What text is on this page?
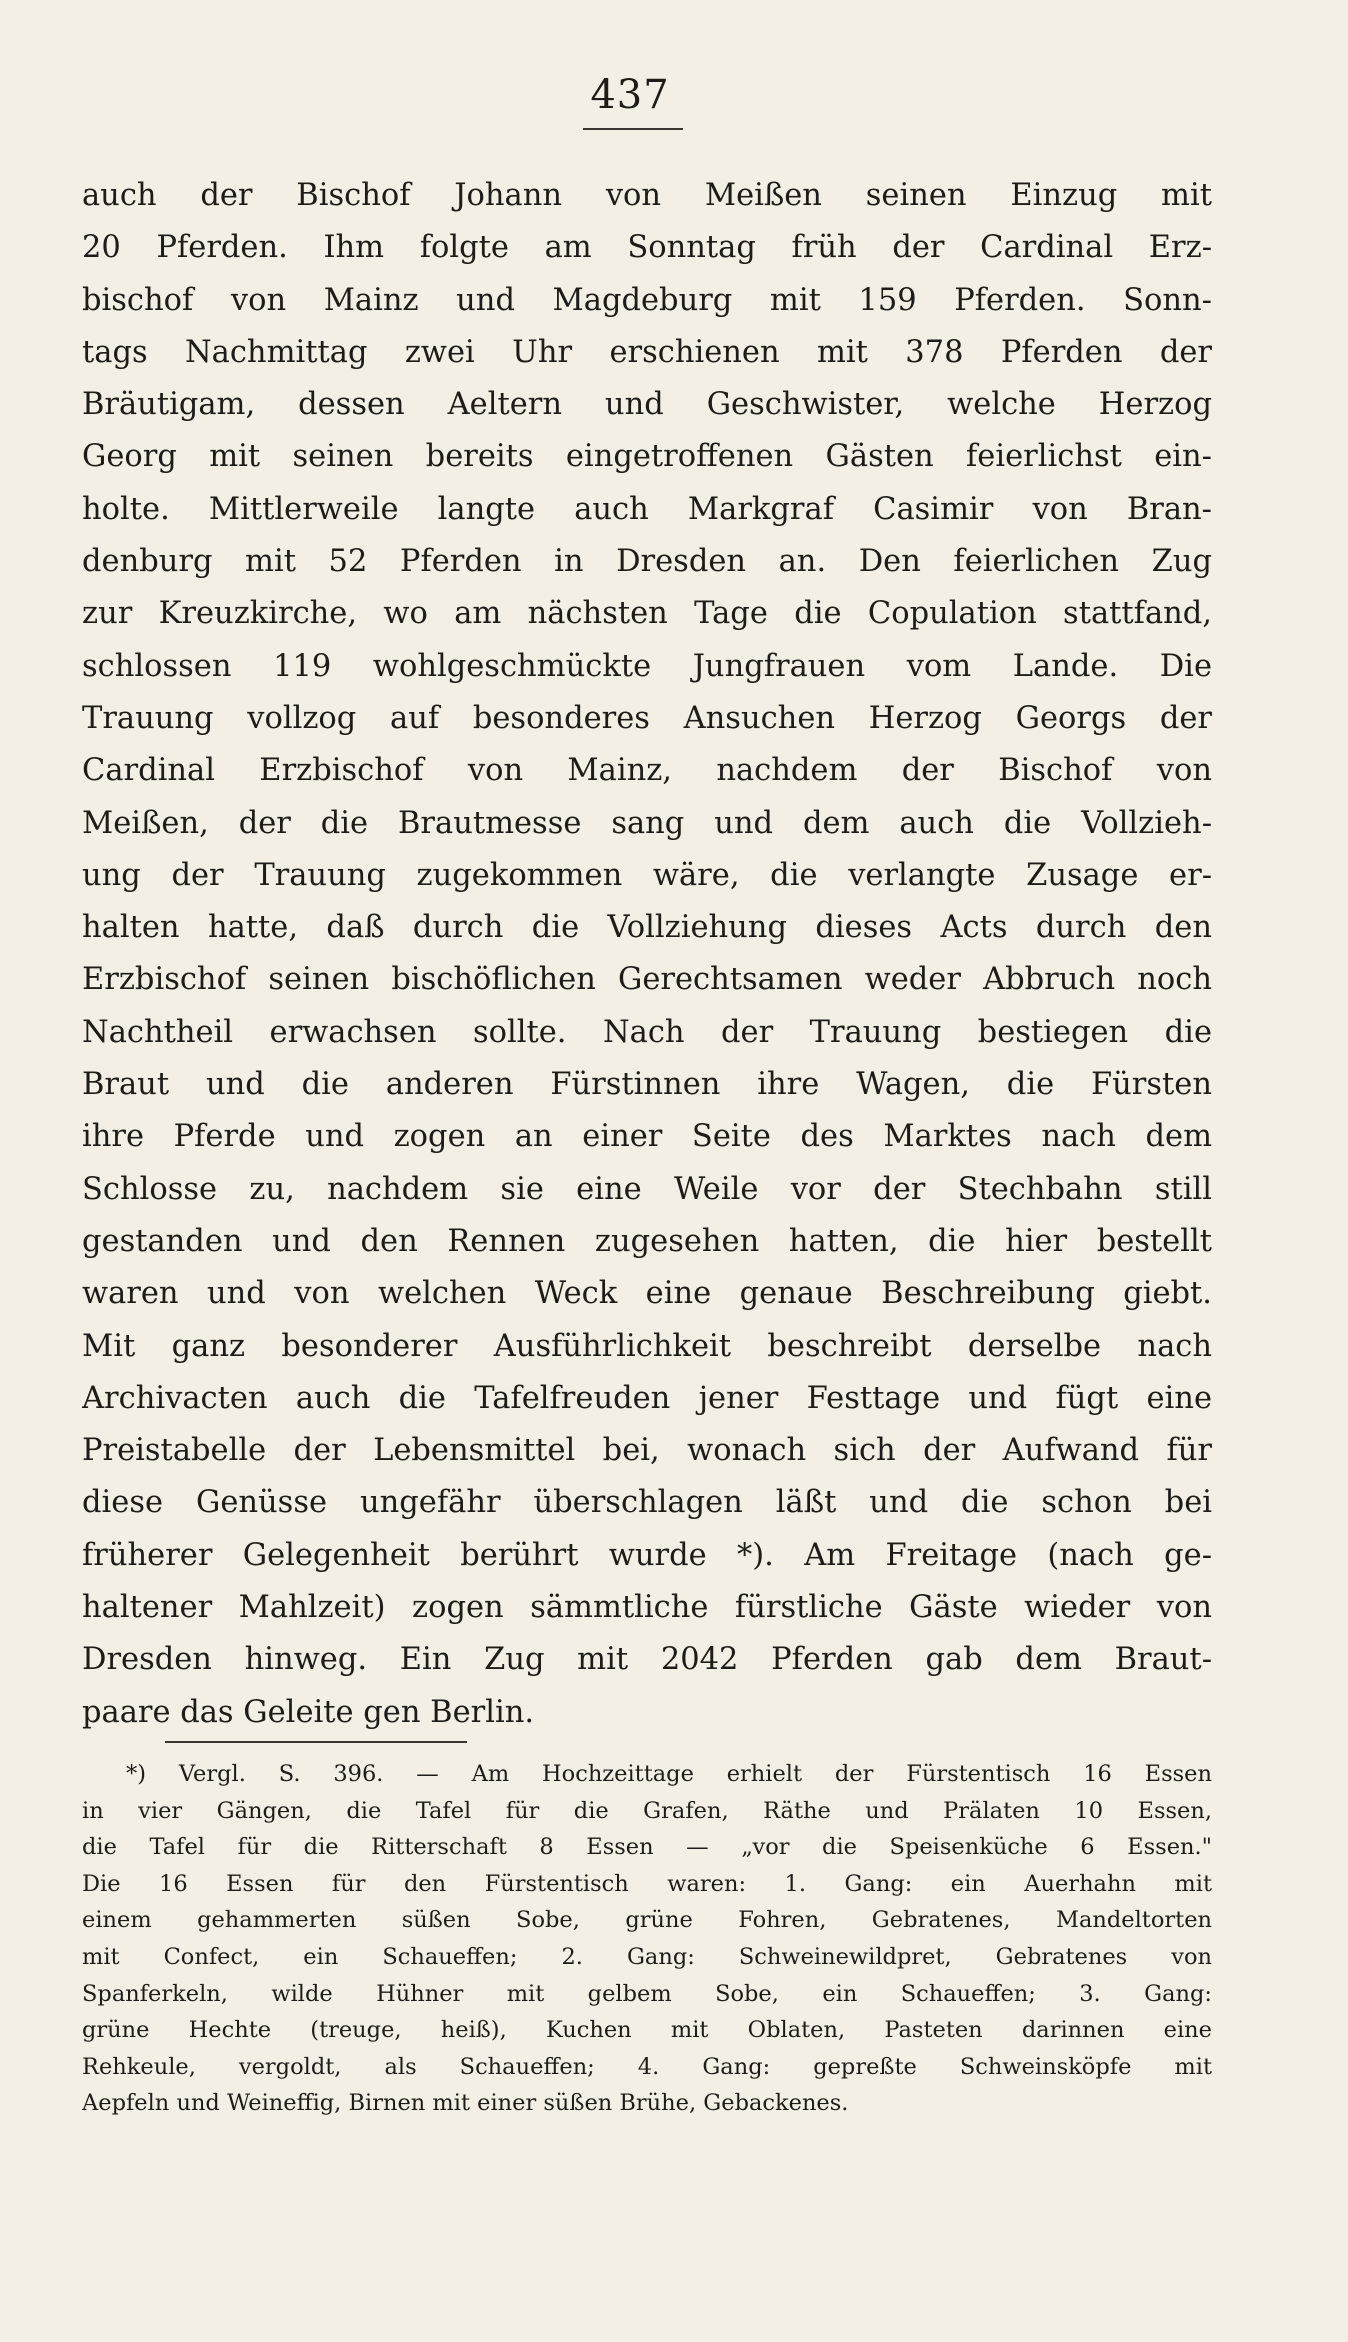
437
auch der Bischof Johann von Meißen seinen Einzug mit
20 Pferden. Ihm folgte am Sonntag früh der Cardinal Erz-
bischof von Mainz und Magdeburg mit 159 Pferden. Sonn-
tags Nachmittag zwei Uhr erschienen mit 378 Pferden der
Bräutigam, dessen Aeltern und Geschwister, welche Herzog
Georg mit seinen bereits eingetroffenen Gästen feierlichst ein-
holte. Mittlerweile langte auch Markgraf Casimir von Bran-
denburg mit 52 Pferden in Dresden an. Den feierlichen Zug
zur Kreuzkirche, wo am nächsten Tage die Copulation stattfand,
schlossen 119 wohlgeschmückte Jungfrauen vom Lande. Die
Trauung vollzog auf besonderes Ansuchen Herzog Georgs der
Cardinal Erzbischof von Mainz, nachdem der Bischof von
Meißen, der die Brautmesse sang und dem auch die Vollzieh-
ung der Trauung zugekommen wäre, die verlangte Zusage er-
halten hatte, daß durch die Vollziehung dieses Acts durch den
Erzbischof seinen bischöflichen Gerechtsamen weder Abbruch noch
Nachtheil erwachsen sollte. Nach der Trauung bestiegen die
Braut und die anderen Fürstinnen ihre Wagen, die Fürsten
ihre Pferde und zogen an einer Seite des Marktes nach dem
Schlosse zu, nachdem sie eine Weile vor der Stechbahn still
gestanden und den Rennen zugesehen hatten, die hier bestellt
waren und von welchen Weck eine genaue Beschreibung giebt.
Mit ganz besonderer Ausführlichkeit beschreibt derselbe nach
Archivacten auch die Tafelfreuden jener Festtage und fügt eine
Preistabelle der Lebensmittel bei, wonach sich der Aufwand für
diese Genüsse ungefähr überschlagen läßt und die schon bei
früherer Gelegenheit berührt wurde *). Am Freitage (nach ge-
haltener Mahlzeit) zogen sämmtliche fürstliche Gäste wieder von
Dresden hinweg. Ein Zug mit 2042 Pferden gab dem Braut-
paare das Geleite gen Berlin.
*) Vergl. S. 396. — Am Hochzeittage erhielt der Fürstentisch 16 Essen
in vier Gängen, die Tafel für die Grafen, Räthe und Prälaten 10 Essen,
die Tafel für die Ritterschaft 8 Essen — „vor die Speisenküche 6 Essen."
Die 16 Essen für den Fürstentisch waren: 1. Gang: ein Auerhahn mit
einem gehammerten süßen Sobe, grüne Fohren, Gebratenes, Mandeltorten
mit Confect, ein Schaueffen; 2. Gang: Schweinewildpret, Gebratenes von
Spanferkeln, wilde Hühner mit gelbem Sobe, ein Schaueffen; 3. Gang:
grüne Hechte (treuge, heiß), Kuchen mit Oblaten, Pasteten darinnen eine
Rehkeule, vergoldt, als Schaueffen; 4. Gang: gepreßte Schweinsköpfe mit
Aepfeln und Weineffig, Birnen mit einer süßen Brühe, Gebackenes.
